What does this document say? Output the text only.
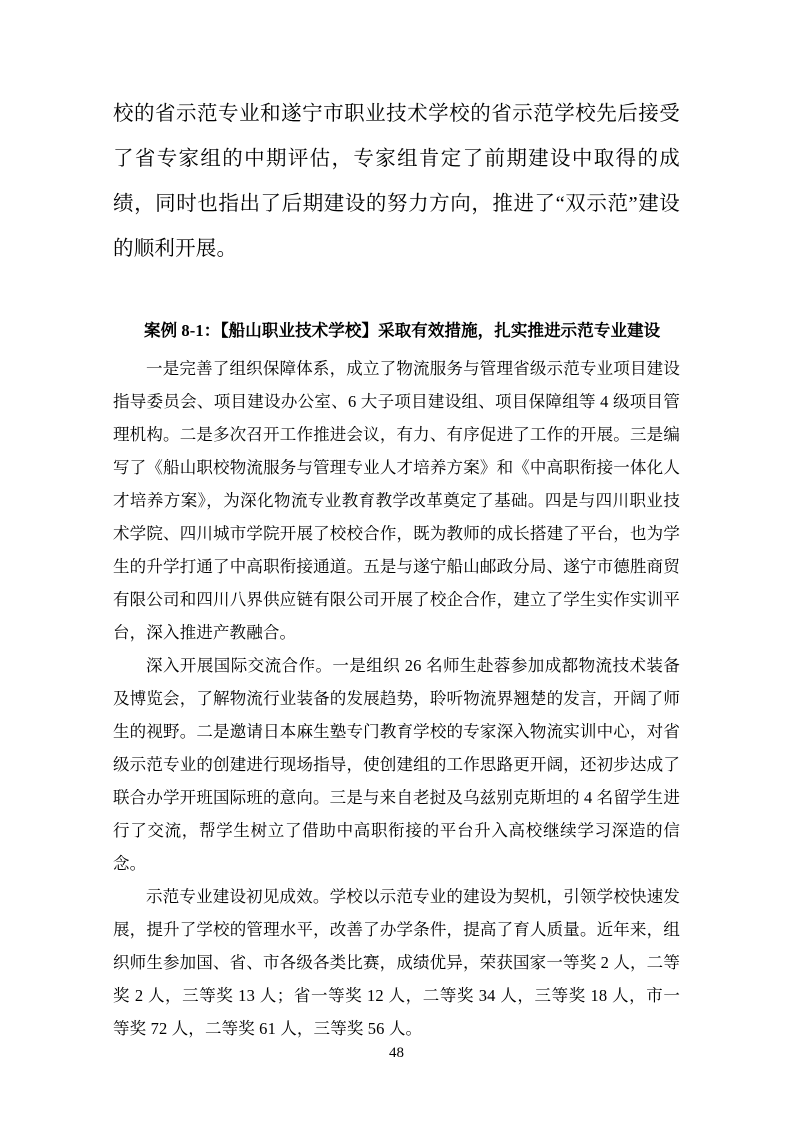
校的省示范专业和遂宁市职业技术学校的省示范学校先后接受了省专家组的中期评估，专家组肯定了前期建设中取得的成绩，同时也指出了后期建设的努力方向，推进了“双示范”建设的顺利开展。

案例 8-1：【船山职业技术学校】采取有效措施，扎实推进示范专业建设

一是完善了组织保障体系，成立了物流服务与管理省级示范专业项目建设指导委员会、项目建设办公室、6 大子项目建设组、项目保障组等 4 级项目管理机构。二是多次召开工作推进会议，有力、有序促进了工作的开展。三是编写了《船山职校物流服务与管理专业人才培养方案》和《中高职衔接一体化人才培养方案》，为深化物流专业教育教学改革奠定了基础。四是与四川职业技术学院、四川城市学院开展了校校合作，既为教师的成长搭建了平台，也为学生的升学打通了中高职衔接通道。五是与遂宁船山邮政分局、遂宁市德胜商贸有限公司和四川八界供应链有限公司开展了校企合作，建立了学生实作实训平台，深入推进产教融合。

深入开展国际交流合作。一是组织 26 名师生赴蓉参加成都物流技术装备及博览会，了解物流行业装备的发展趋势，聆听物流界翘楚的发言，开阔了师生的视野。二是邀请日本麻生塾专门教育学校的专家深入物流实训中心，对省级示范专业的创建进行现场指导，使创建组的工作思路更开阔，还初步达成了联合办学开班国际班的意向。三是与来自老挝及乌兹别克斯坦的 4 名留学生进行了交流，帮学生树立了借助中高职衔接的平台升入高校继续学习深造的信念。

示范专业建设初见成效。学校以示范专业的建设为契机，引领学校快速发展，提升了学校的管理水平，改善了办学条件，提高了育人质量。近年来，组织师生参加国、省、市各级各类比赛，成绩优异，荣获国家一等奖 2 人，二等奖 2 人，三等奖 13 人；省一等奖 12 人，二等奖 34 人，三等奖 18 人，市一等奖 72 人，二等奖 61 人，三等奖 56 人。

48
